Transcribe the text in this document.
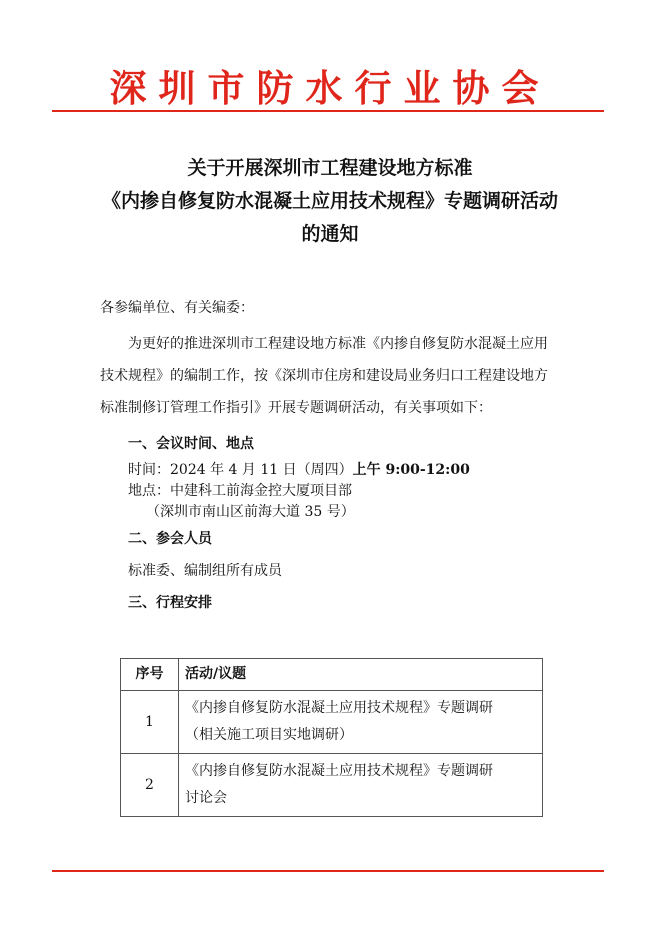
深圳市防水行业协会
关于开展深圳市工程建设地方标准
《内掺自修复防水混凝土应用技术规程》专题调研活动
的通知

各参编单位、有关编委：

为更好的推进深圳市工程建设地方标准《内掺自修复防水混凝土应用技术规程》的编制工作，按《深圳市住房和建设局业务归口工程建设地方标准制修订管理工作指引》开展专题调研活动，有关事项如下：

一、会议时间、地点

时间：2024 年 4 月 11 日（周四）上午 9:00-12:00

地点：中建科工前海金控大厦项目部

（深圳市南山区前海大道 35 号）

二、参会人员

标准委、编制组所有成员

三、行程安排

序号	活动/议题
1	《内掺自修复防水混凝土应用技术规程》专题调研
（相关施工项目实地调研）

2	《内掺自修复防水混凝土应用技术规程》专题调研
讨论会
